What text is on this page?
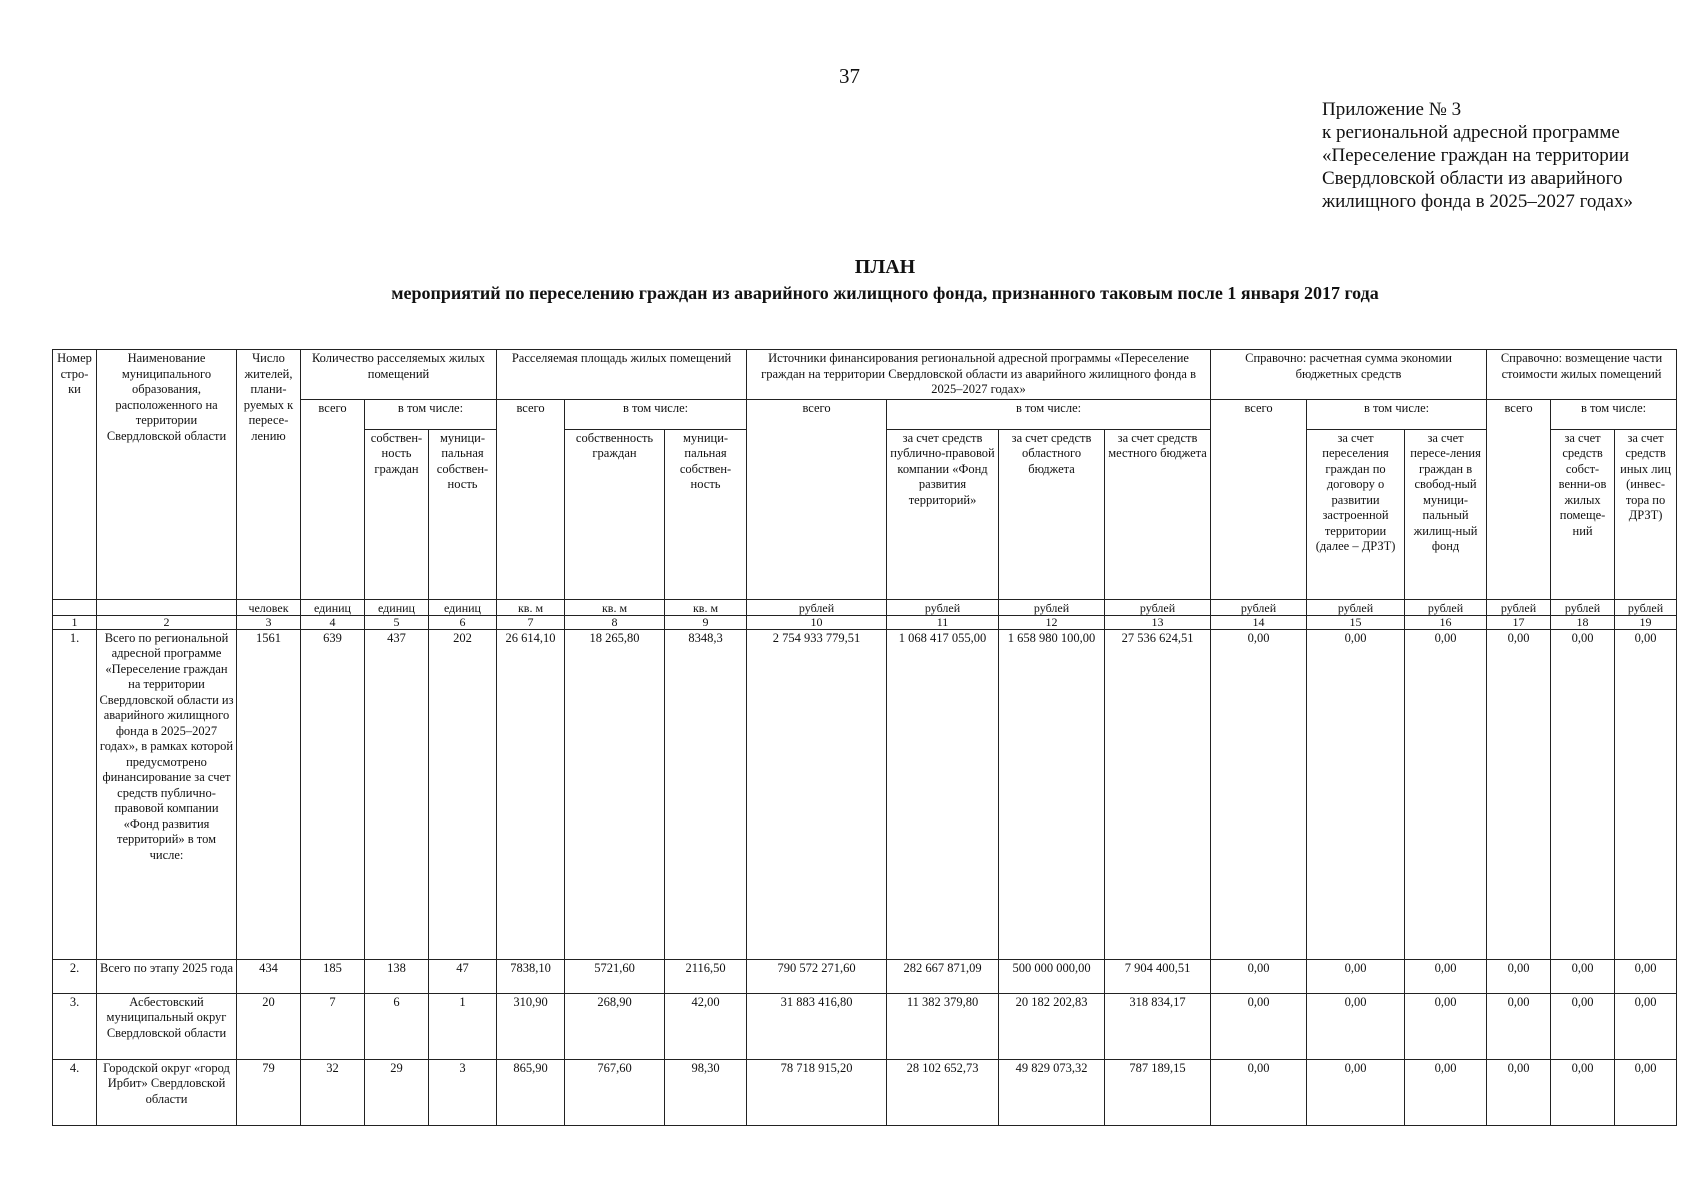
37
Приложение № 3
к региональной адресной программе
«Переселение граждан на территории
Свердловской области из аварийного
жилищного фонда в 2025–2027 годах»
ПЛАН
мероприятий по переселению граждан из аварийного жилищного фонда, признанного таковым после 1 января 2017 года
Номер стро-ки	Наименование муниципального образования, расположенного на территории Свердловской области	Число жителей, плани-руемых к пересе-лению	Количество расселяемых жилых помещений			Расселяемая площадь жилых помещений			Источники финансирования региональной адресной программы «Переселение граждан на территории Свердловской области из аварийного жилищного фонда в 2025–2027 годах»				Справочно: расчетная сумма экономии бюджетных средств			Справочно: возмещение части стоимости жилых помещений		
			всего	в том числе:		всего	в том числе:		всего	в том числе:			всего	в том числе:		всего	в том числе:	
				собствен-ность граждан	муници-пальная собствен-ность		собственность граждан	муници-пальная собствен-ность		за счет средств публично-правовой компании «Фонд развития территорий»	за счет средств областного бюджета	за счет средств местного бюджета		за счет переселения граждан по договору о развитии застроенной территории (далее – ДРЗТ)	за счет пересе-ления граждан в свобод-ный муници-пальный жилищ-ный фонд		за счет средств собст-венни-ов жилых помеще-ний	за счет средств иных лиц (инвес-тора по ДРЗТ)
		человек	единиц	единиц	единиц	кв. м	кв. м	кв. м	рублей	рублей	рублей	рублей	рублей	рублей	рублей	рублей	рублей	рублей
1	2	3	4	5	6	7	8	9	10	11	12	13	14	15	16	17	18	19
1.	Всего по региональной адресной программе «Переселение граждан на территории Свердловской области из аварийного жилищного фонда в 2025–2027 годах», в рамках которой предусмотрено финансирование за счет средств публично-правовой компании «Фонд развития территорий» в том числе:	1561	639	437	202	26 614,10	18 265,80	8348,3	2 754 933 779,51	1 068 417 055,00	1 658 980 100,00	27 536 624,51	0,00	0,00	0,00	0,00	0,00	0,00
2.	Всего по этапу 2025 года	434	185	138	47	7838,10	5721,60	2116,50	790 572 271,60	282 667 871,09	500 000 000,00	7 904 400,51	0,00	0,00	0,00	0,00	0,00	0,00
3.	Асбестовский муниципальный округ Свердловской области	20	7	6	1	310,90	268,90	42,00	31 883 416,80	11 382 379,80	20 182 202,83	318 834,17	0,00	0,00	0,00	0,00	0,00	0,00
4.	Городской округ «город Ирбит» Свердловской области	79	32	29	3	865,90	767,60	98,30	78 718 915,20	28 102 652,73	49 829 073,32	787 189,15	0,00	0,00	0,00	0,00	0,00	0,00
